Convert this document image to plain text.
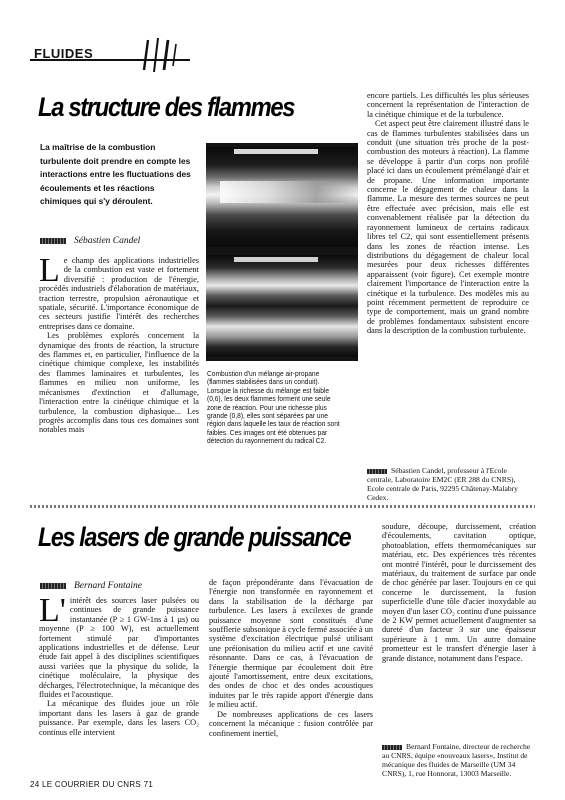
FLUIDES
La structure des flammes
La maîtrise de la combustion turbulente doit prendre en compte les interactions entre les fluctuations des écoulements et les réactions chimiques qui s'y déroulent.
Sébastien Candel

Le champ des applications industrielles de la combustion est vaste et fortement diversifié : production de l'énergie, procédés industriels d'élaboration de matériaux, traction terrestre, propulsion aéronautique et spatiale, sécurité. L'importance économique de ces secteurs justifie l'intérêt des recherches entreprises dans ce domaine.

Les problèmes explorés concernent la dynamique des fronts de réaction, la structure des flammes et, en particulier, l'influence de la cinétique chimique complexe, les instabilités des flammes laminaires et turbulentes, les flammes en milieu non uniforme, les mécanismes d'extinction et d'allumage, l'interaction entre la cinétique chimique et la turbulence, la combustion diphasique... Les progrès accomplis dans tous ces domaines sont notables mais

Combustion d'un mélange air-propane (flammes stabilisées dans un conduit). Lorsque la richesse du mélange est faible (0,6), les deux flammes forment une seule zone de réaction. Pour une richesse plus grande (0,8), elles sont séparées par une région dans laquelle les taux de réaction sont faibles. Ces images ont été obtenues par détection du rayonnement du radical C2.

encore partiels. Les difficultés les plus sérieuses concernent la représentation de l'interaction de la cinétique chimique et de la turbulence.

Cet aspect peut être clairement illustré dans le cas de flammes turbulentes stabilisées dans un conduit (une situation très proche de la post-combustion des moteurs à réaction). La flamme se développe à partir d'un corps non profilé placé ici dans un écoulement prémélangé d'air et de propane. Une information importante concerne le dégagement de chaleur dans la flamme. La mesure des termes sources ne peut être effectuée avec précision, mais elle est convenablement réalisée par la détection du rayonnement lumineux de certains radicaux libres tel C2, qui sont essentiellement présents dans les zones de réaction intense. Les distributions du dégagement de chaleur local mesurées pour deux richesses différentes apparaissent (voir figure). Cet exemple montre clairement l'importance de l'interaction entre la cinétique et la turbulence. Des modèles mis au point récemment permettent de reproduire ce type de comportement, mais un grand nombre de problèmes fondamentaux subsistent encore dans la description de la combustion turbulente.

Sébastien Candel, professeur à l'Ecole centrale, Laboratoire EM2C (ER 288 du CNRS), Ecole centrale de Paris, 92295 Châtenay-Malabry Cedex.
Les lasers de grande puissance
Bernard Fontaine

L' intérêt des sources laser pulsées ou continues de grande puissance instantanée (P ≥ 1 GW-1ns à 1 µs) ou moyenne (P ≥ 100 W), est actuellement fortement stimulé par d'importantes applications industrielles et de défense. Leur étude fait appel à des disciplines scientifiques aussi variées que la physique du solide, la cinétique moléculaire, la physique des décharges, l'électrotechnique, la mécanique des fluides et l'acoustique.

La mécanique des fluides joue un rôle important dans les lasers à gaz de grande puissance. Par exemple, dans les lasers CO₂ continus elle intervient

de façon prépondérante dans l'évacuation de l'énergie non transformée en rayonnement et dans la stabilisation de la décharge par turbulence. Les lasers à excilexes de grande puissance moyenne sont constitués d'une soufflerie subsonique à cycle fermé associée à un système d'excitation électrique pulsé utilisant une préionisation du milieu actif et une cavité résonnante. Dans ce cas, à l'évacuation de l'énergie thermique par écoulement doit être ajouté l'amortissement, entre deux excitations, des ondes de choc et des ondes acoustiques induites par le très rapide apport d'énergie dans le milieu actif.

De nombreuses applications de ces lasers concernent la mécanique : fusion contrôlée par confinement inertiel,

soudure, découpe, durcissement, création d'écoulements, cavitation optique, photoablation, effets thermomécaniques sur matériau, etc. Des expériences très récentes ont montré l'intérêt, pour le durcissement des matériaux, du traitement de surface par onde de choc générée par laser. Toujours en ce qui concerne le durcissement, la fusion superficielle d'une tôle d'acier inoxydable au moyen d'un laser CO₂ continu d'une puissance de 2 KW permet actuellement d'augmenter sa dureté d'un facteur 3 sur une épaisseur supérieure à 1 mm. Un autre domaine prometteur est le transfert d'énergie laser à grande distance, notamment dans l'espace.

Bernard Fontaine, directeur de recherche au CNRS, équipe «nouveaux lasers», Institut de mécanique des fluides de Marseille (UM 34 CNRS), 1, rue Honnorat, 13003 Marseille.
24 LE COURRIER DU CNRS 71
